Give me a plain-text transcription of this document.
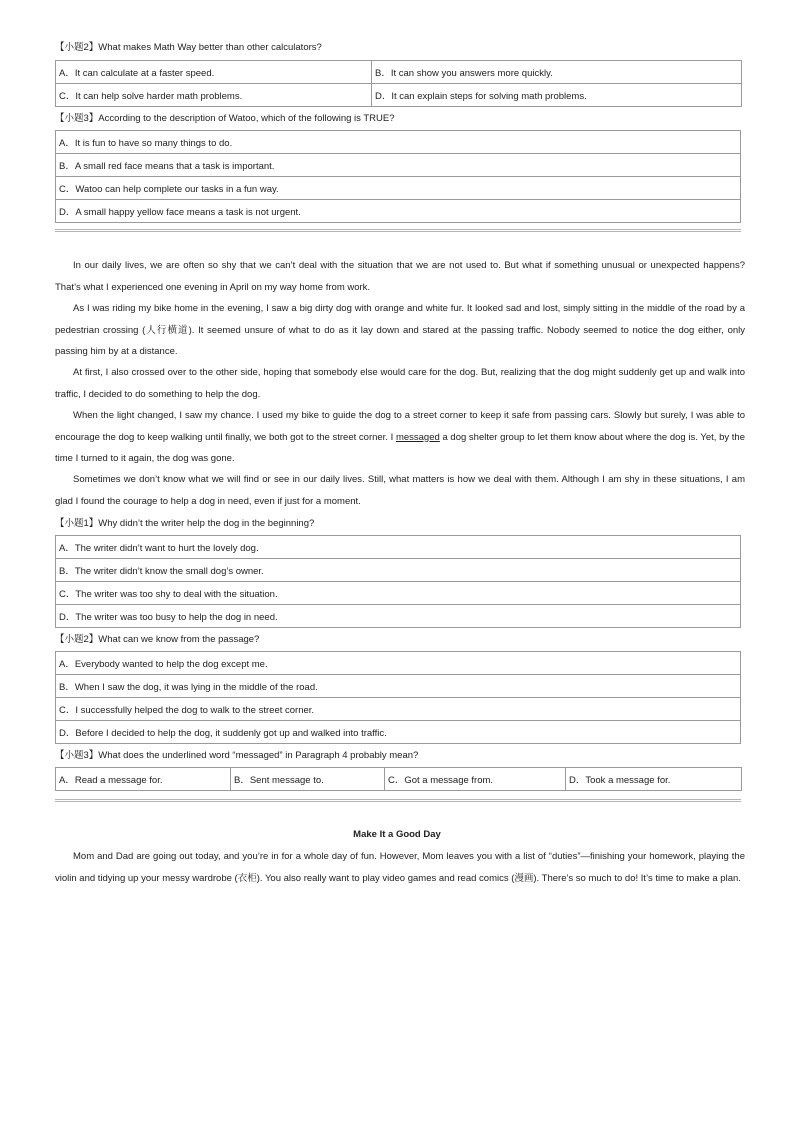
【小题2】What makes Math Way better than other calculators?
A．It can calculate at a faster speed.	B．It can show you answers more quickly.
C．It can help solve harder math problems.	D．It can explain steps for solving math problems.
【小题3】According to the description of Watoo, which of the following is TRUE?
A．It is fun to have so many things to do.
B．A small red face means that a task is important.
C．Watoo can help complete our tasks in a fun way.
D．A small happy yellow face means a task is not urgent.

In our daily lives, we are often so shy that we can’t deal with the situation that we are not used to. But what if something unusual or unexpected happens? That’s what I experienced one evening in April on my way home from work.

As I was riding my bike home in the evening, I saw a big dirty dog with orange and white fur. It looked sad and lost, simply sitting in the middle of the road by a pedestrian crossing (人行横道). It seemed unsure of what to do as it lay down and stared at the passing traffic. Nobody seemed to notice the dog either, only passing him by at a distance.

At first, I also crossed over to the other side, hoping that somebody else would care for the dog. But, realizing that the dog might suddenly get up and walk into traffic, I decided to do something to help the dog.

When the light changed, I saw my chance. I used my bike to guide the dog to a street corner to keep it safe from passing cars. Slowly but surely, I was able to encourage the dog to keep walking until finally, we both got to the street corner. I messaged a dog shelter group to let them know about where the dog is. Yet, by the time I turned to it again, the dog was gone.

Sometimes we don’t know what we will find or see in our daily lives. Still, what matters is how we deal with them. Although I am shy in these situations, I am glad I found the courage to help a dog in need, even if just for a moment.

【小题1】Why didn’t the writer help the dog in the beginning?
A．The writer didn’t want to hurt the lovely dog.
B．The writer didn’t know the small dog’s owner.
C．The writer was too shy to deal with the situation.
D．The writer was too busy to help the dog in need.
【小题2】What can we know from the passage?
A．Everybody wanted to help the dog except me.
B．When I saw the dog, it was lying in the middle of the road.
C．I successfully helped the dog to walk to the street corner.
D．Before I decided to help the dog, it suddenly got up and walked into traffic.
【小题3】What does the underlined word “messaged” in Paragraph 4 probably mean?
A．Read a message for.	B．Sent message to.	C．Got a message from.	D．Took a message for.
Make It a Good Day

Mom and Dad are going out today, and you’re in for a whole day of fun. However, Mom leaves you with a list of “duties”—finishing your homework, playing the violin and tidying up your messy wardrobe (衣柜). You also really want to play video games and read comics (漫画). There’s so much to do! It’s time to make a plan.
